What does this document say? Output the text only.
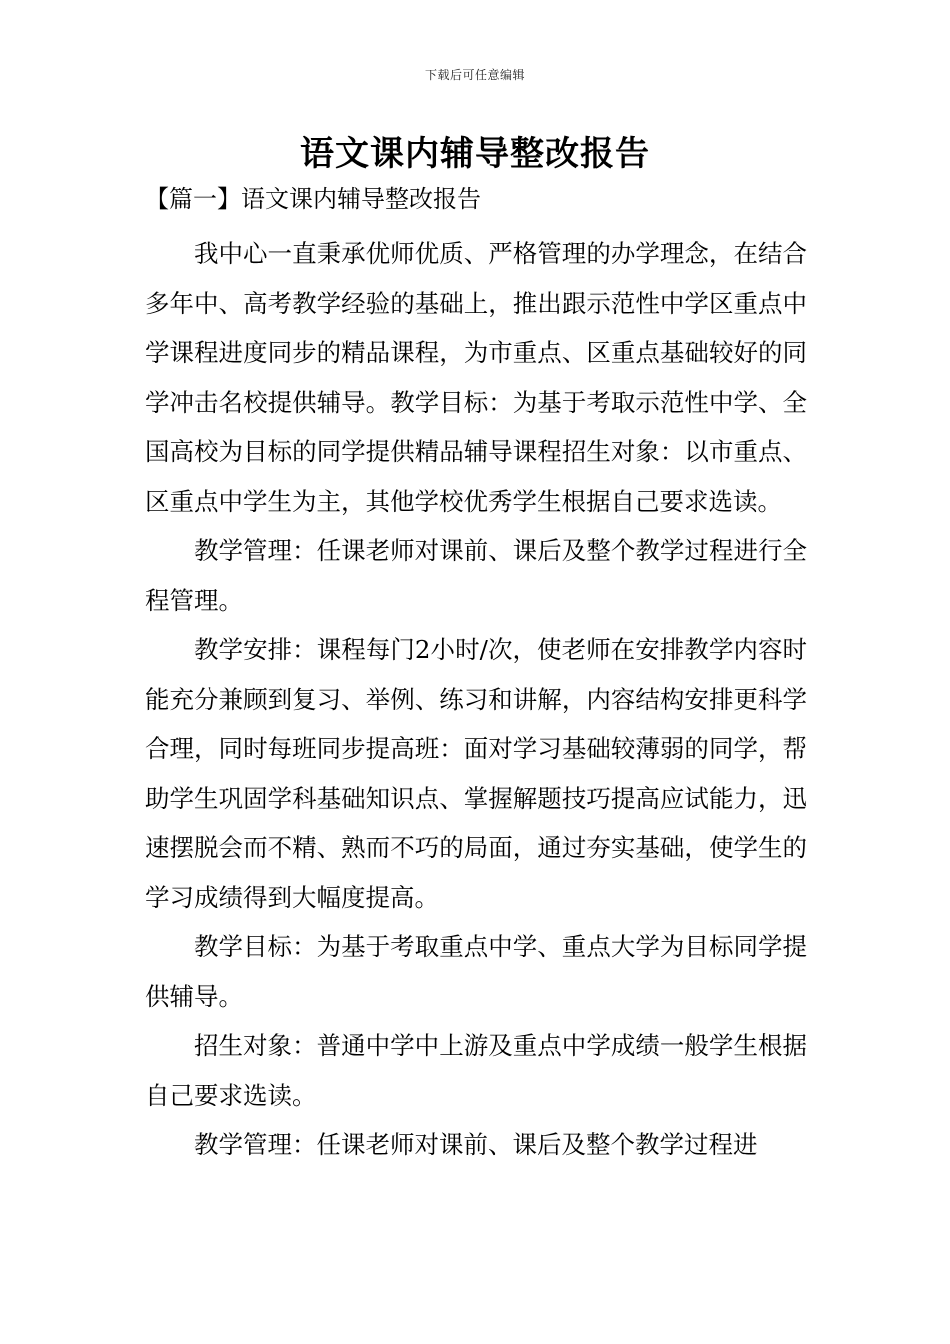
下载后可任意编辑
语文课内辅导整改报告
【篇一】语文课内辅导整改报告

我中心一直秉承优师优质、严格管理的办学理念，在结合多年中、高考教学经验的基础上，推出跟示范性中学区重点中学课程进度同步的精品课程，为市重点、区重点基础较好的同学冲击名校提供辅导。教学目标：为基于考取示范性中学、全国高校为目标的同学提供精品辅导课程招生对象：以市重点、区重点中学生为主，其他学校优秀学生根据自己要求选读。

教学管理：任课老师对课前、课后及整个教学过程进行全程管理。

教学安排：课程每门2小时/次，使老师在安排教学内容时能充分兼顾到复习、举例、练习和讲解，内容结构安排更科学合理，同时每班同步提高班：面对学习基础较薄弱的同学，帮助学生巩固学科基础知识点、掌握解题技巧提高应试能力，迅速摆脱会而不精、熟而不巧的局面，通过夯实基础，使学生的学习成绩得到大幅度提高。

教学目标：为基于考取重点中学、重点大学为目标同学提供辅导。

招生对象：普通中学中上游及重点中学成绩一般学生根据自己要求选读。

教学管理：任课老师对课前、课后及整个教学过程进
